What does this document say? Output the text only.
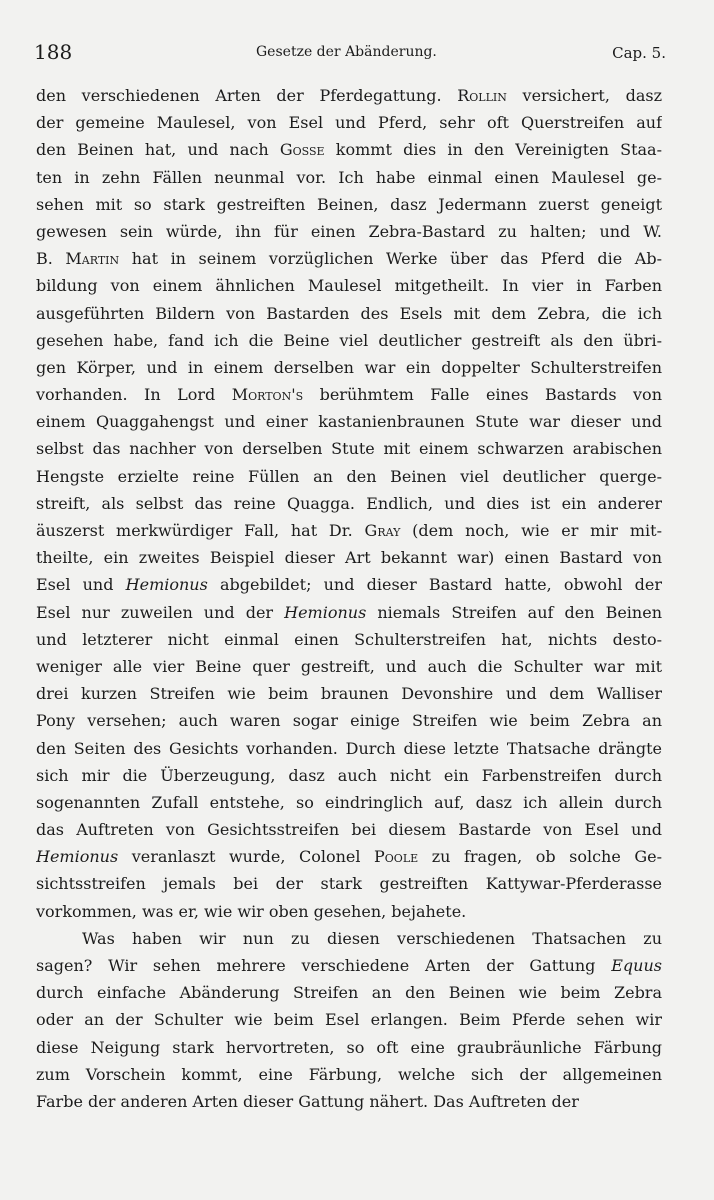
188	Gesetze der Abänderung.	Cap. 5.
den verschiedenen Arten der Pferdegattung. Rollin versichert, dasz
der gemeine Maulesel, von Esel und Pferd, sehr oft Querstreifen auf
den Beinen hat, und nach Gosse kommt dies in den Vereinigten Staa-
ten in zehn Fällen neunmal vor. Ich habe einmal einen Maulesel ge-
sehen mit so stark gestreiften Beinen, dasz Jedermann zuerst geneigt
gewesen sein würde, ihn für einen Zebra-Bastard zu halten; und W.
B. Martin hat in seinem vorzüglichen Werke über das Pferd die Ab-
bildung von einem ähnlichen Maulesel mitgetheilt. In vier in Farben
ausgeführten Bildern von Bastarden des Esels mit dem Zebra, die ich
gesehen habe, fand ich die Beine viel deutlicher gestreift als den übri-
gen Körper, und in einem derselben war ein doppelter Schulterstreifen
vorhanden. In Lord Morton's berühmtem Falle eines Bastards von
einem Quaggahengst und einer kastanienbraunen Stute war dieser und
selbst das nachher von derselben Stute mit einem schwarzen arabischen
Hengste erzielte reine Füllen an den Beinen viel deutlicher querge-
streift, als selbst das reine Quagga. Endlich, und dies ist ein anderer
äuszerst merkwürdiger Fall, hat Dr. Gray (dem noch, wie er mir mit-
theilte, ein zweites Beispiel dieser Art bekannt war) einen Bastard von
Esel und Hemionus abgebildet; und dieser Bastard hatte, obwohl der
Esel nur zuweilen und der Hemionus niemals Streifen auf den Beinen
und letzterer nicht einmal einen Schulterstreifen hat, nichts desto-
weniger alle vier Beine quer gestreift, und auch die Schulter war mit
drei kurzen Streifen wie beim braunen Devonshire und dem Walliser
Pony versehen; auch waren sogar einige Streifen wie beim Zebra an
den Seiten des Gesichts vorhanden. Durch diese letzte Thatsache drängte
sich mir die Überzeugung, dasz auch nicht ein Farbenstreifen durch
sogenannten Zufall entstehe, so eindringlich auf, dasz ich allein durch
das Auftreten von Gesichtsstreifen bei diesem Bastarde von Esel und
Hemionus veranlaszt wurde, Colonel Poole zu fragen, ob solche Ge-
sichtsstreifen jemals bei der stark gestreiften Kattywar-Pferderasse
vorkommen, was er, wie wir oben gesehen, bejahete.
Was haben wir nun zu diesen verschiedenen Thatsachen zu
sagen? Wir sehen mehrere verschiedene Arten der Gattung Equus
durch einfache Abänderung Streifen an den Beinen wie beim Zebra
oder an der Schulter wie beim Esel erlangen. Beim Pferde sehen wir
diese Neigung stark hervortreten, so oft eine graubräunliche Färbung
zum Vorschein kommt, eine Färbung, welche sich der allgemeinen
Farbe der anderen Arten dieser Gattung nähert. Das Auftreten der
